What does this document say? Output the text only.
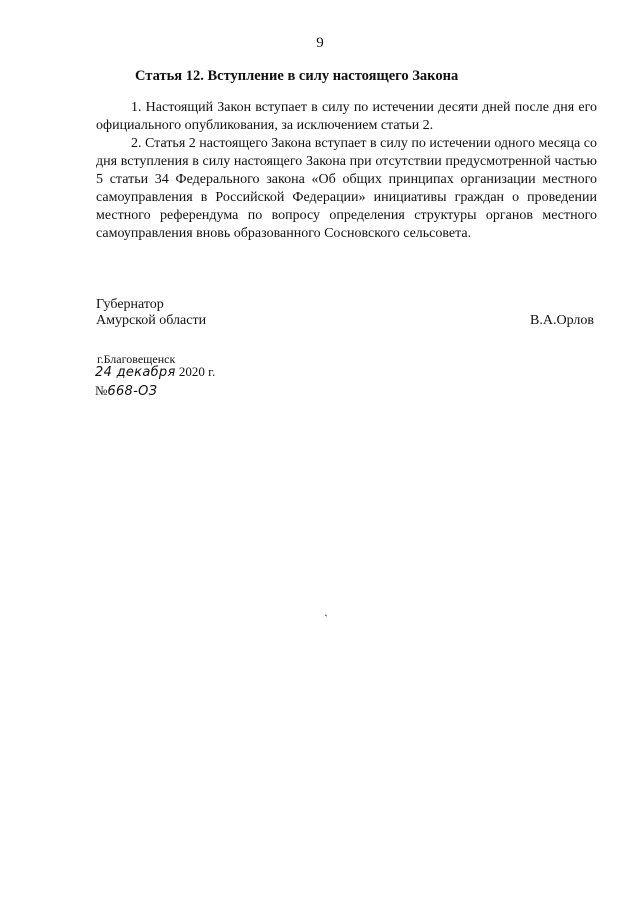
9
Статья 12. Вступление в силу настоящего Закона

1. Настоящий Закон вступает в силу по истечении десяти дней после дня его официального опубликования, за исключением статьи 2.

2. Статья 2 настоящего Закона вступает в силу по истечении одного месяца со дня вступления в силу настоящего Закона при отсутствии предусмотренной частью 5 статьи 34 Федерального закона «Об общих принципах организации местного самоуправления в Российской Федерации» инициативы граждан о проведении местного референдума по вопросу определения структуры органов местного самоуправления вновь образованного Сосновского сельсовета.

Губернатор
Амурской области	В.А.Орлов
г.Благовещенск
24 декабря 2020 г.
№668-ОЗ
`
